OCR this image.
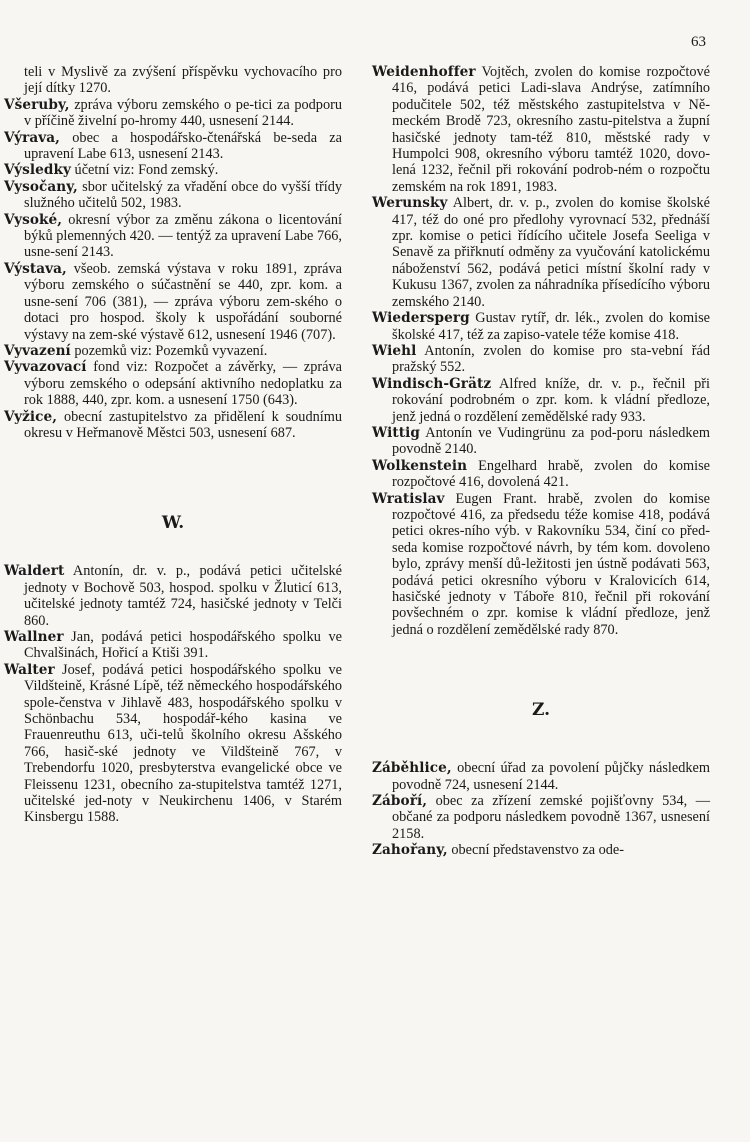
63

teli v Myslivě za zvýšení příspěvku vychovacího pro její dítky 1270.

Všeruby, zpráva výboru zemského o pe-tici za podporu v příčině živelní po-hromy 440, usnesení 2144.

Výrava, obec a hospodářsko-čtenářská be-seda za upravení Labe 613, usnesení 2143.

Výsledky účetní viz: Fond zemský.

Vysočany, sbor učitelský za vřadění obce do vyšší třídy služného učitelů 502, 1983.

Vysoké, okresní výbor za změnu zákona o licentování býků plemenných 420. — tentýž za upravení Labe 766, usne-sení 2143.

Výstava, všeob. zemská výstava v roku 1891, zpráva výboru zemského o súčastnění se 440, zpr. kom. a usne-sení 706 (381), — zpráva výboru zem-ského o dotaci pro hospod. školy k uspořádání souborné výstavy na zem-ské výstavě 612, usnesení 1946 (707).

Vyvazení pozemků viz: Pozemků vyvazení.

Vyvazovací fond viz: Rozpočet a závěrky, — zpráva výboru zemského o odepsání aktivního nedoplatku za rok 1888, 440, zpr. kom. a usnesení 1750 (643).

Vyžice, obecní zastupitelstvo za přidělení k soudnímu okresu v Heřmanově Městci 503, usnesení 687.

W.

Waldert Antonín, dr. v. p., podává petici učitelské jednoty v Bochově 503, hospod. spolku v Žluticí 613, učitelské jednoty tamtéž 724, hasičské jednoty v Telči 860.

Wallner Jan, podává petici hospodářského spolku ve Chvalšinách, Hořicí a Ktiši 391.

Walter Josef, podává petici hospodářského spolku ve Vildšteině, Krásné Lípě, též německého hospodářského spole-čenstva v Jihlavě 483, hospodářského spolku v Schönbachu 534, hospodář-kého kasina ve Frauenreuthu 613, uči-telů školního okresu Ašského 766, hasič-ské jednoty ve Vildšteině 767, v Trebendorfu 1020, presbyterstva evangelické obce ve Fleissenu 1231, obecního za-stupitelstva tamtéž 1271, učitelské jed-noty v Neukirchenu 1406, v Starém Kinsbergu 1588.

Weidenhoffer Vojtěch, zvolen do komise rozpočtové 416, podává petici Ladi-slava Andrýse, zatímního podučitele 502, též městského zastupitelstva v Ně-meckém Brodě 723, okresního zastu-pitelstva a župní hasičské jednoty tam-též 810, městské rady v Humpolci 908, okresního výboru tamtéž 1020, dovo-lená 1232, řečnil při rokování podrob-ném o rozpočtu zemském na rok 1891, 1983.

Werunsky Albert, dr. v. p., zvolen do komise školské 417, též do oné pro předlohy vyrovnací 532, přednáší zpr. komise o petici řídícího učitele Josefa Seeliga v Senavě za přiřknutí odměny za vyučování katolickému náboženství 562, podává petici místní školní rady v Kukusu 1367, zvolen za náhradníka přísedícího výboru zemského 2140.

Wiedersperg Gustav rytíř, dr. lék., zvolen do komise školské 417, též za zapiso-vatele téže komise 418.

Wiehl Antonín, zvolen do komise pro sta-vební řád pražský 552.

Windisch-Grätz Alfred kníže, dr. v. p., řečnil při rokování podrobném o zpr. kom. k vládní předloze, jenž jedná o rozdělení zemědělské rady 933.

Wittig Antonín ve Vudingrünu za pod-poru následkem povodně 2140.

Wolkenstein Engelhard hrabě, zvolen do komise rozpočtové 416, dovolená 421.

Wratislav Eugen Frant. hrabě, zvolen do komise rozpočtové 416, za předsedu téže komise 418, podává petici okres-ního výb. v Rakovníku 534, činí co před-seda komise rozpočtové návrh, by tém kom. dovoleno bylo, zprávy menší dů-ležitosti jen ústně podávati 563, podává petici okresního výboru v Kralovicích 614, hasičské jednoty v Táboře 810, řečnil při rokování povšechném o zpr. komise k vládní předloze, jenž jedná o rozdělení zemědělské rady 870.

Z.

Záběhlice, obecní úřad za povolení půjčky následkem povodně 724, usnesení 2144.

Záboří, obec za zřízení zemské pojišťovny 534, — občané za podporu následkem povodně 1367, usnesení 2158.

Zahořany, obecní představenstvo za ode-
